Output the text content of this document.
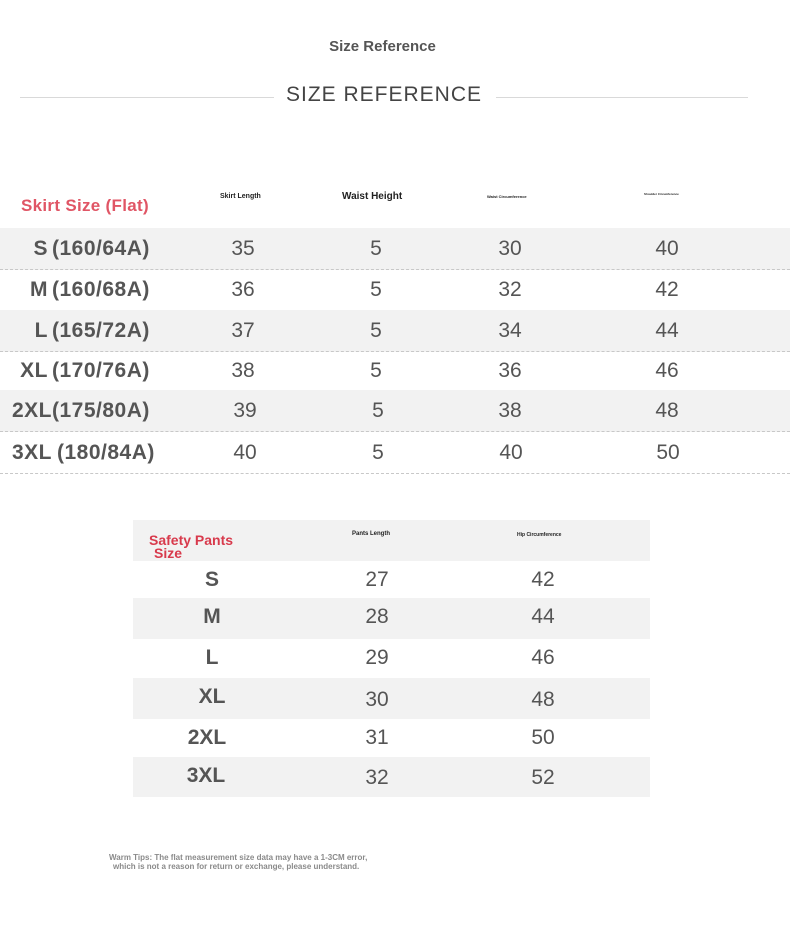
Size Reference
SIZE REFERENCE
Skirt Size (Flat)	Skirt Length	Waist Height	Waist Circumference	Shoulder Circumference
S (160/64A)	35	5	30	40
M (160/68A)	36	5	32	42
L (165/72A)	37	5	34	44
XL (170/76A)	38	5	36	46
2XL (175/80A)	39	5	38	48
3XL (180/84A)	40	5	40	50
Safety Pants
Size
Pants Length	Hip Circumference
S	27	42
M	28	44
L	29	46
XL	30	48
2XL	31	50
3XL	32	52
Warm Tips: The flat measurement size data may have a 1-3CM error,
which is not a reason for return or exchange, please understand.
